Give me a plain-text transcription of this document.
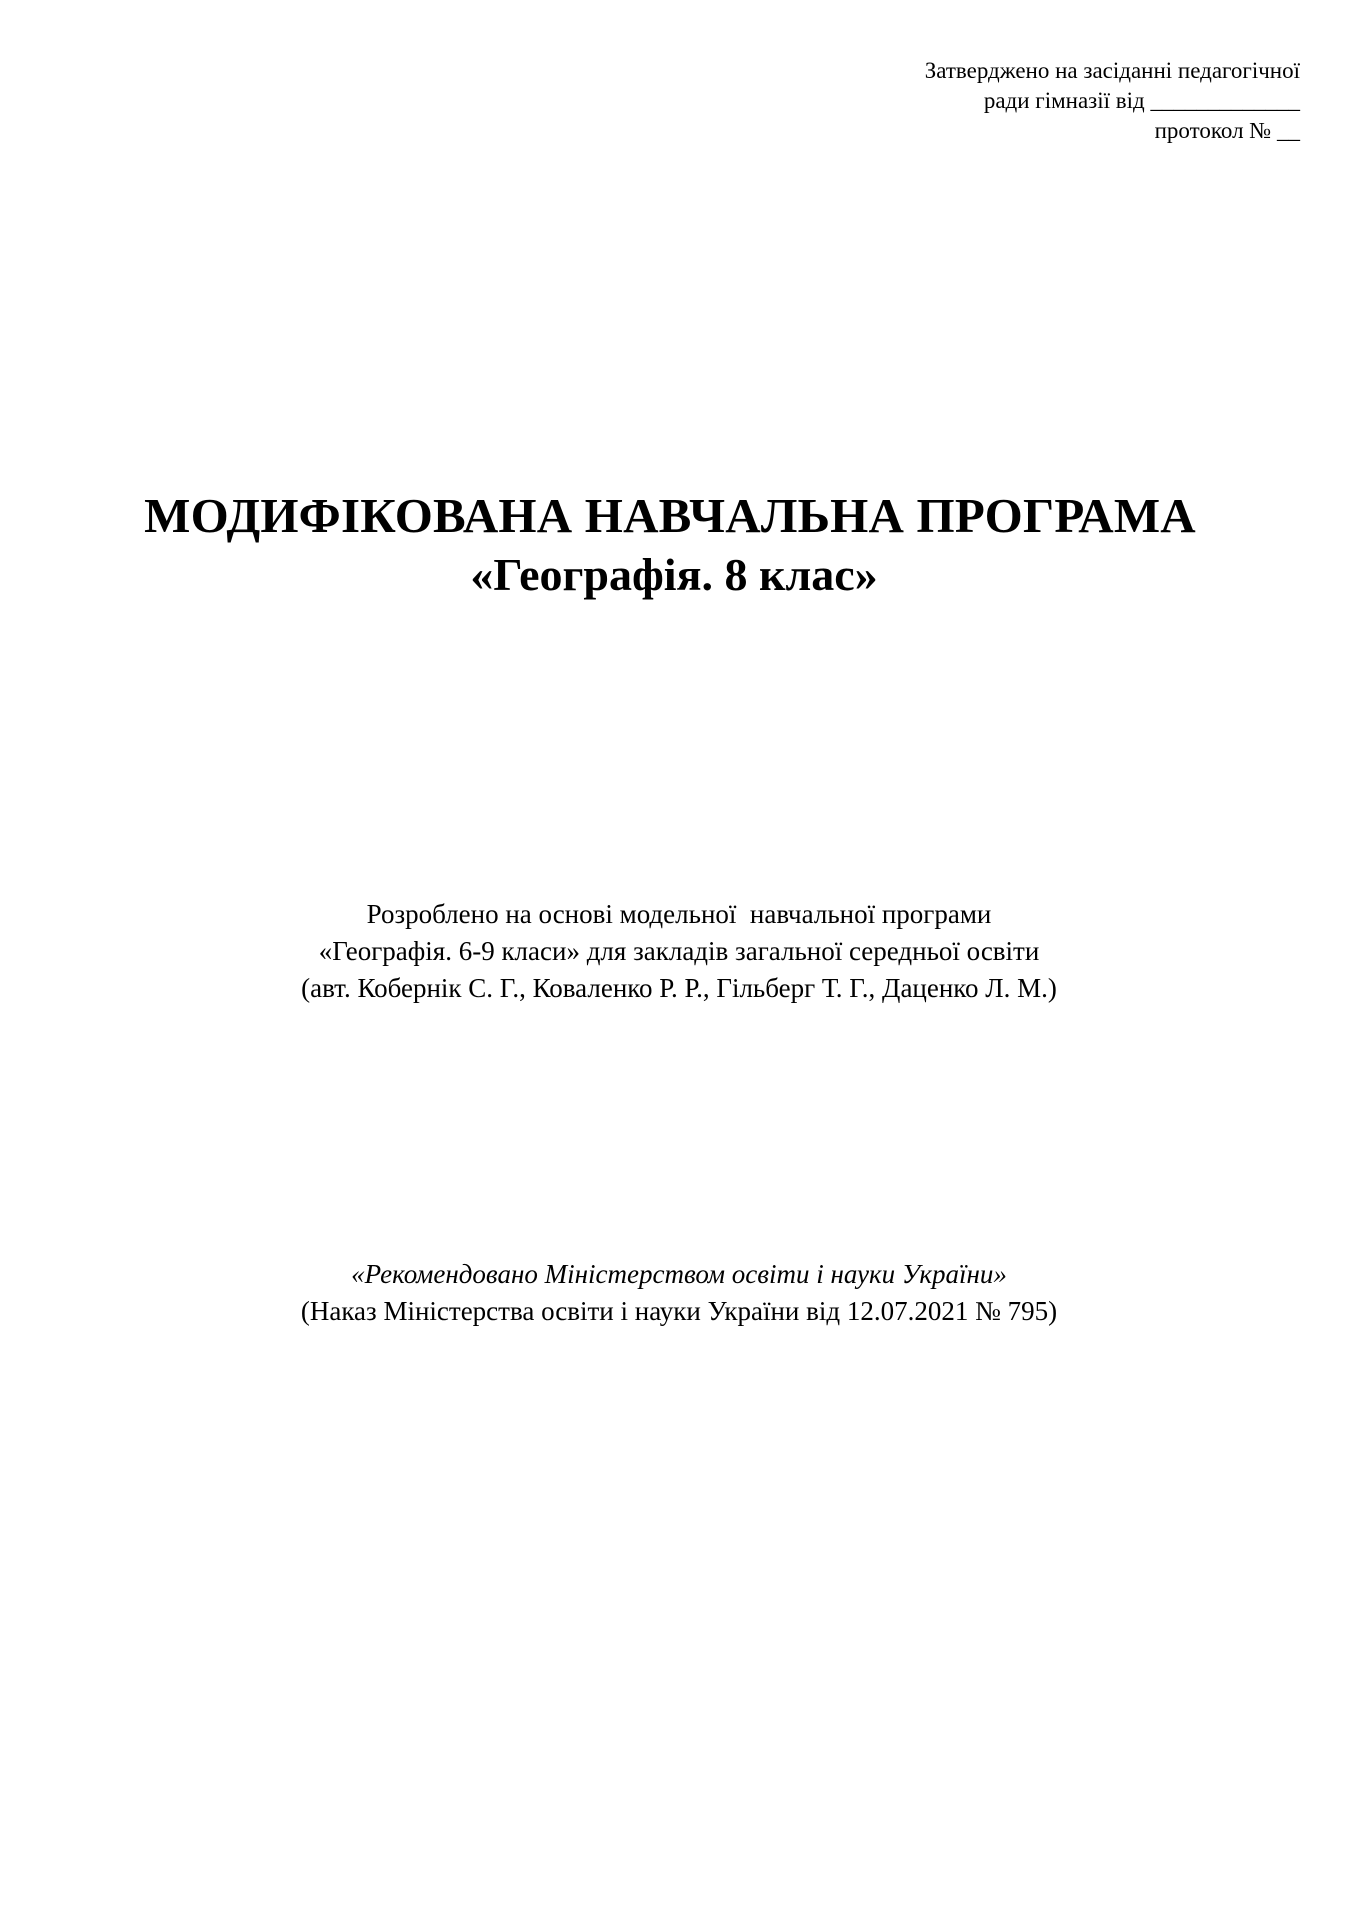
Затверджено на засіданні педагогічної
ради гімназії від _____________
протокол № __
МОДИФІКОВАНА НАВЧАЛЬНА ПРОГРАМА
«Географія. 8 клас»
Розроблено на основі модельної  навчальної програми
«Географія. 6-9 класи» для закладів загальної середньої освіти
(авт. Кобернік С. Г., Коваленко Р. Р., Гільберг Т. Г., Даценко Л. М.)
«Рекомендовано Міністерством освіти і науки України»
(Наказ Міністерства освіти і науки України від 12.07.2021 № 795)
